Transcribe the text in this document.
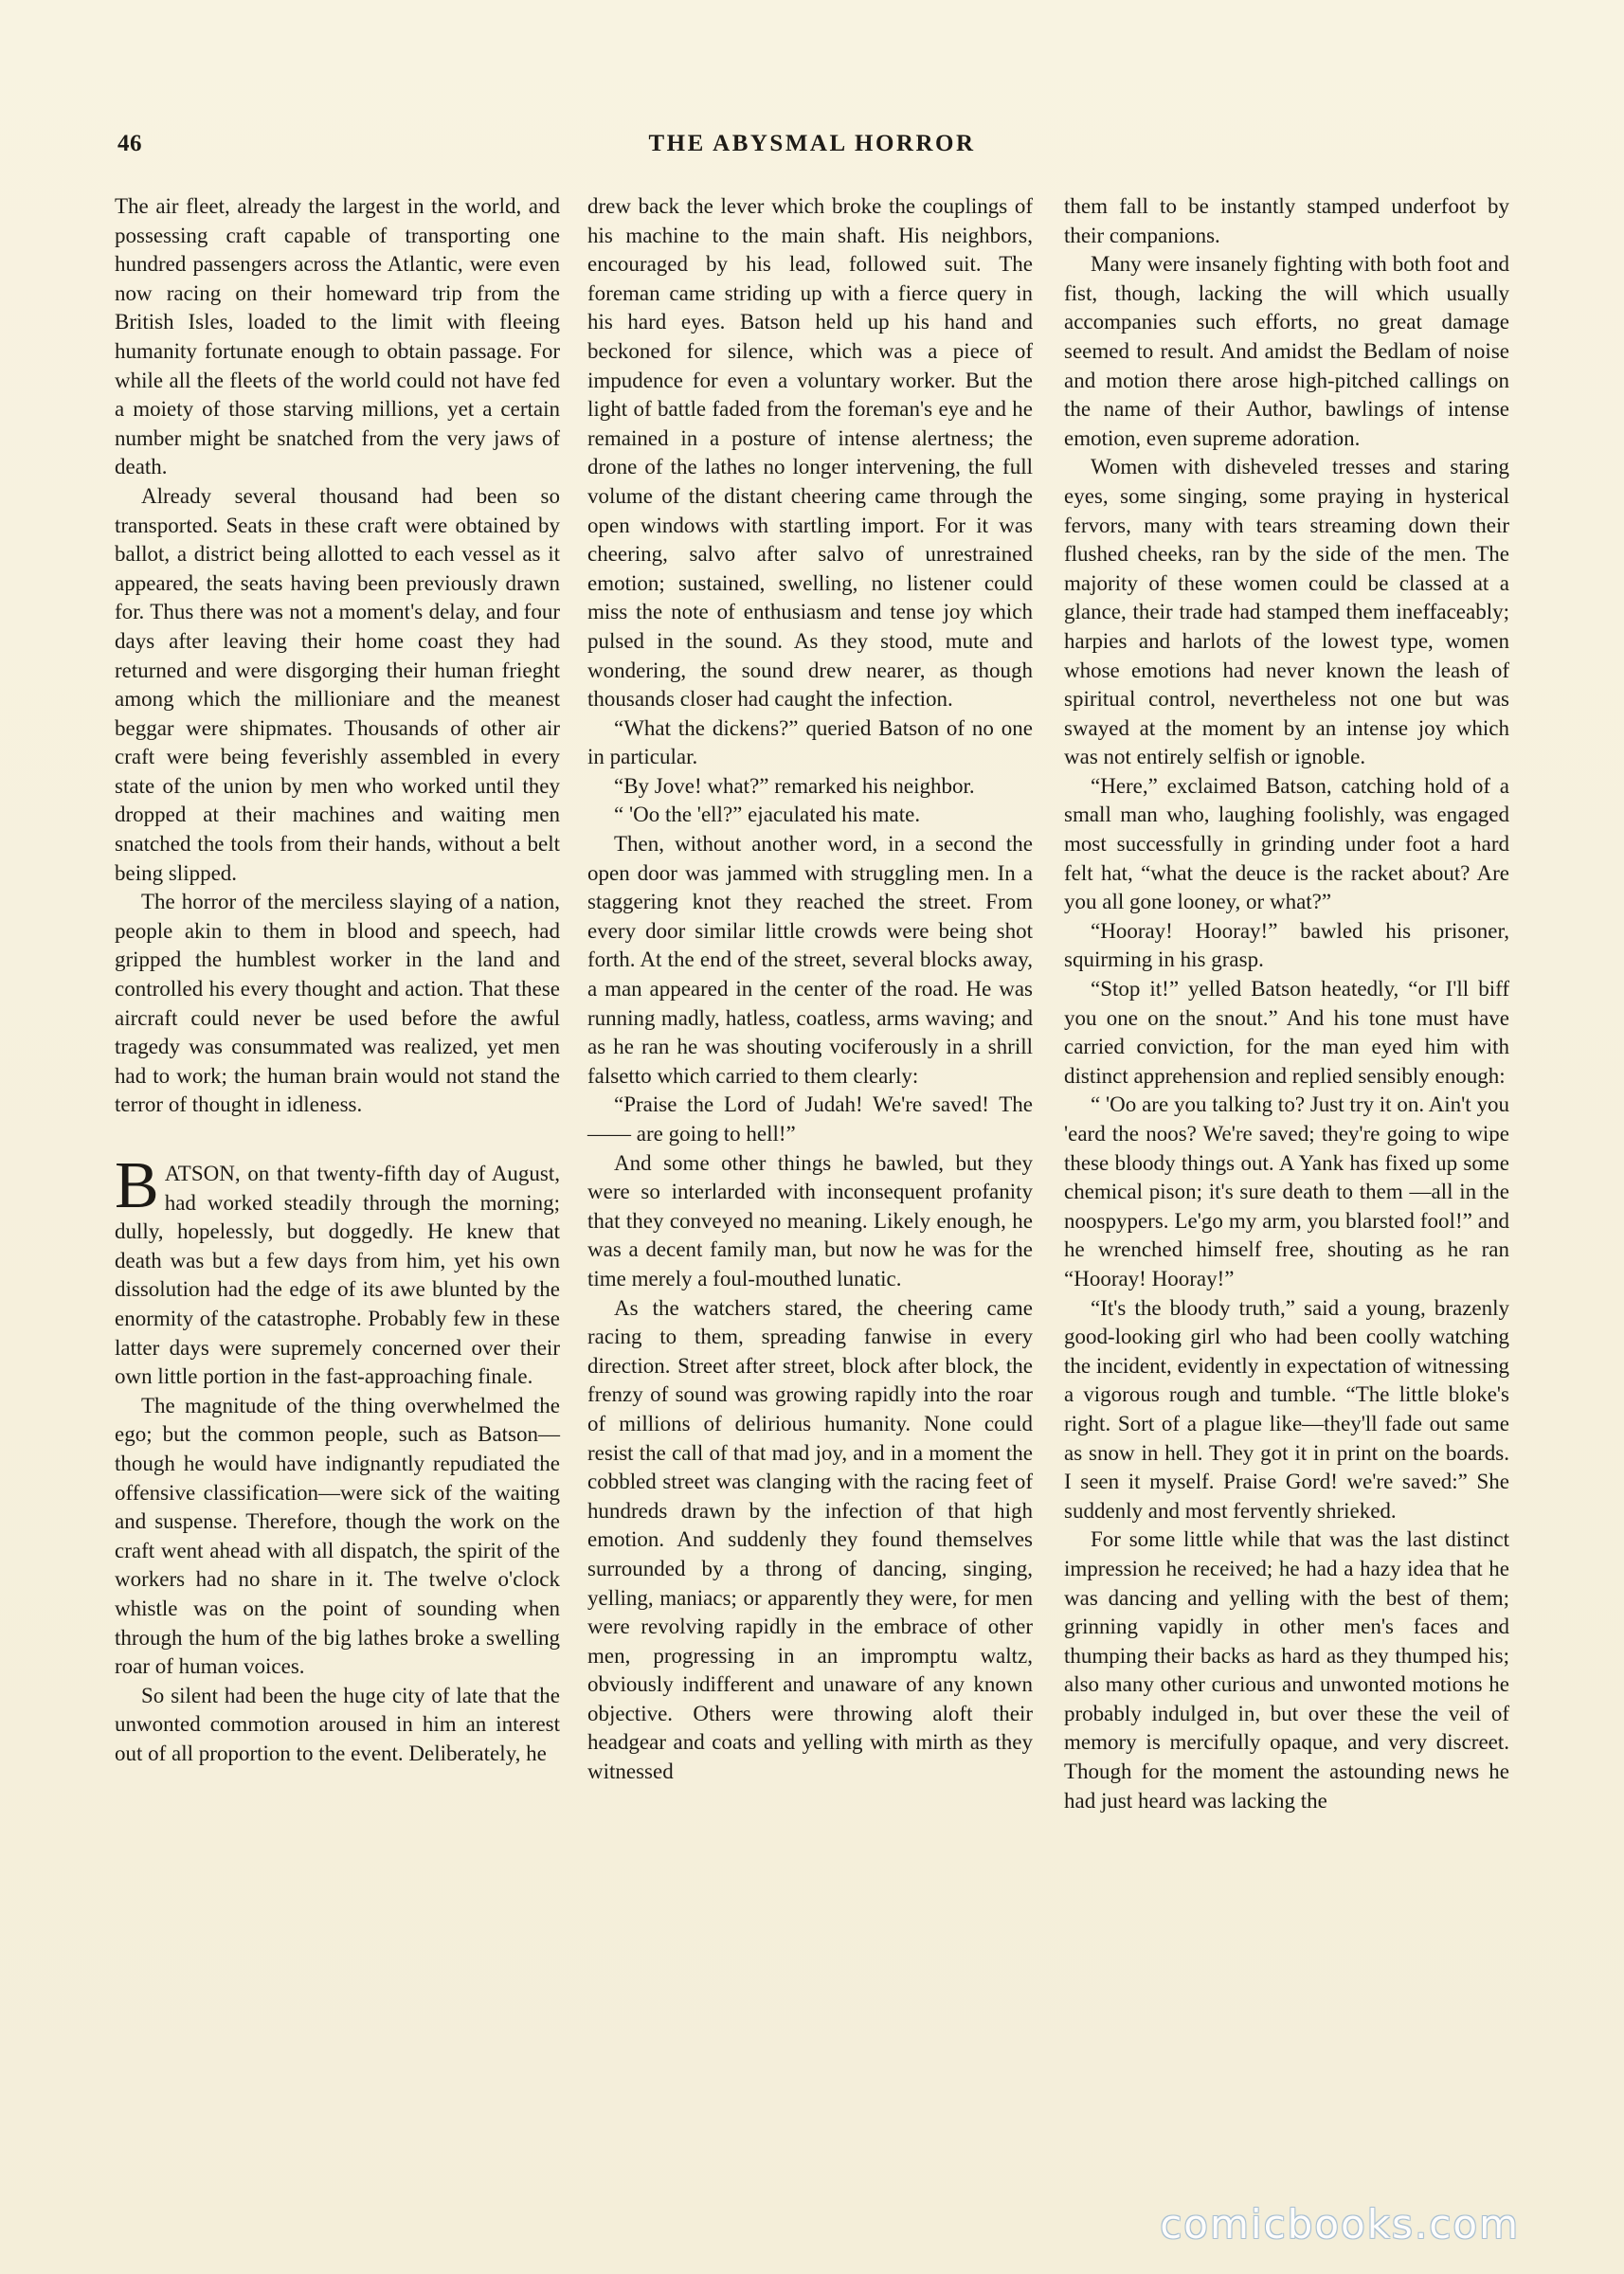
46	THE ABYSMAL HORROR

The air fleet, already the largest in the world, and possessing craft capable of transporting one hundred passengers across the Atlantic, were even now racing on their homeward trip from the British Isles, loaded to the limit with fleeing humanity fortunate enough to obtain passage. For while all the fleets of the world could not have fed a moiety of those starving millions, yet a certain number might be snatched from the very jaws of death.

Already several thousand had been so transported. Seats in these craft were obtained by ballot, a district being allotted to each vessel as it appeared, the seats having been previously drawn for. Thus there was not a moment's delay, and four days after leaving their home coast they had returned and were disgorging their human frieght among which the millioniare and the meanest beggar were shipmates. Thousands of other air craft were being feverishly assembled in every state of the union by men who worked until they dropped at their machines and waiting men snatched the tools from their hands, without a belt being slipped.

The horror of the merciless slaying of a nation, people akin to them in blood and speech, had gripped the humblest worker in the land and controlled his every thought and action. That these aircraft could never be used before the awful tragedy was consummated was realized, yet men had to work; the human brain would not stand the terror of thought in idleness.

BATSON, on that twenty-fifth day of August, had worked steadily through the morning; dully, hopelessly, but doggedly. He knew that death was but a few days from him, yet his own dissolution had the edge of its awe blunted by the enormity of the catastrophe. Probably few in these latter days were supremely concerned over their own little portion in the fast-approaching finale.

The magnitude of the thing overwhelmed the ego; but the common people, such as Batson—though he would have indignantly repudiated the offensive classification—were sick of the waiting and suspense. Therefore, though the work on the craft went ahead with all dispatch, the spirit of the workers had no share in it. The twelve o'clock whistle was on the point of sounding when through the hum of the big lathes broke a swelling roar of human voices.

So silent had been the huge city of late that the unwonted commotion aroused in him an interest out of all proportion to the event. Deliberately, he

drew back the lever which broke the couplings of his machine to the main shaft. His neighbors, encouraged by his lead, followed suit. The foreman came striding up with a fierce query in his hard eyes. Batson held up his hand and beckoned for silence, which was a piece of impudence for even a voluntary worker. But the light of battle faded from the foreman's eye and he remained in a posture of intense alertness; the drone of the lathes no longer intervening, the full volume of the distant cheering came through the open windows with startling import. For it was cheering, salvo after salvo of unrestrained emotion; sustained, swelling, no listener could miss the note of enthusiasm and tense joy which pulsed in the sound. As they stood, mute and wondering, the sound drew nearer, as though thousands closer had caught the infection.

“What the dickens?” queried Batson of no one in particular.

“By Jove! what?” remarked his neighbor.

“ 'Oo the 'ell?” ejaculated his mate.

Then, without another word, in a second the open door was jammed with struggling men. In a staggering knot they reached the street. From every door similar little crowds were being shot forth. At the end of the street, several blocks away, a man appeared in the center of the road. He was running madly, hatless, coatless, arms waving; and as he ran he was shouting vociferously in a shrill falsetto which carried to them clearly:

“Praise the Lord of Judah! We're saved! The —— are going to hell!”

And some other things he bawled, but they were so interlarded with inconsequent profanity that they conveyed no meaning. Likely enough, he was a decent family man, but now he was for the time merely a foul-mouthed lunatic.

As the watchers stared, the cheering came racing to them, spreading fanwise in every direction. Street after street, block after block, the frenzy of sound was growing rapidly into the roar of millions of delirious humanity. None could resist the call of that mad joy, and in a moment the cobbled street was clanging with the racing feet of hundreds drawn by the infection of that high emotion. And suddenly they found themselves surrounded by a throng of dancing, singing, yelling, maniacs; or apparently they were, for men were revolving rapidly in the embrace of other men, progressing in an impromptu waltz, obviously indifferent and unaware of any known objective. Others were throwing aloft their headgear and coats and yelling with mirth as they witnessed

them fall to be instantly stamped underfoot by their companions.

Many were insanely fighting with both foot and fist, though, lacking the will which usually accompanies such efforts, no great damage seemed to result. And amidst the Bedlam of noise and motion there arose high-pitched callings on the name of their Author, bawlings of intense emotion, even supreme adoration.

Women with disheveled tresses and staring eyes, some singing, some praying in hysterical fervors, many with tears streaming down their flushed cheeks, ran by the side of the men. The majority of these women could be classed at a glance, their trade had stamped them ineffaceably; harpies and harlots of the lowest type, women whose emotions had never known the leash of spiritual control, nevertheless not one but was swayed at the moment by an intense joy which was not entirely selfish or ignoble.

“Here,” exclaimed Batson, catching hold of a small man who, laughing foolishly, was engaged most successfully in grinding under foot a hard felt hat, “what the deuce is the racket about? Are you all gone looney, or what?”

“Hooray! Hooray!” bawled his prisoner, squirming in his grasp.

“Stop it!” yelled Batson heatedly, “or I'll biff you one on the snout.” And his tone must have carried conviction, for the man eyed him with distinct apprehension and replied sensibly enough:

“ 'Oo are you talking to? Just try it on. Ain't you 'eard the noos? We're saved; they're going to wipe these bloody things out. A Yank has fixed up some chemical pison; it's sure death to them —all in the noospypers. Le'go my arm, you blarsted fool!” and he wrenched himself free, shouting as he ran “Hooray! Hooray!”

“It's the bloody truth,” said a young, brazenly good-looking girl who had been coolly watching the incident, evidently in expectation of witnessing a vigorous rough and tumble. “The little bloke's right. Sort of a plague like—they'll fade out same as snow in hell. They got it in print on the boards. I seen it myself. Praise Gord! we're saved:” She suddenly and most fervently shrieked.

For some little while that was the last distinct impression he received; he had a hazy idea that he was dancing and yelling with the best of them; grinning vapidly in other men's faces and thumping their backs as hard as they thumped his; also many other curious and unwonted motions he probably indulged in, but over these the veil of memory is mercifully opaque, and very discreet. Though for the moment the astounding news he had just heard was lacking the

comicbooks.com
